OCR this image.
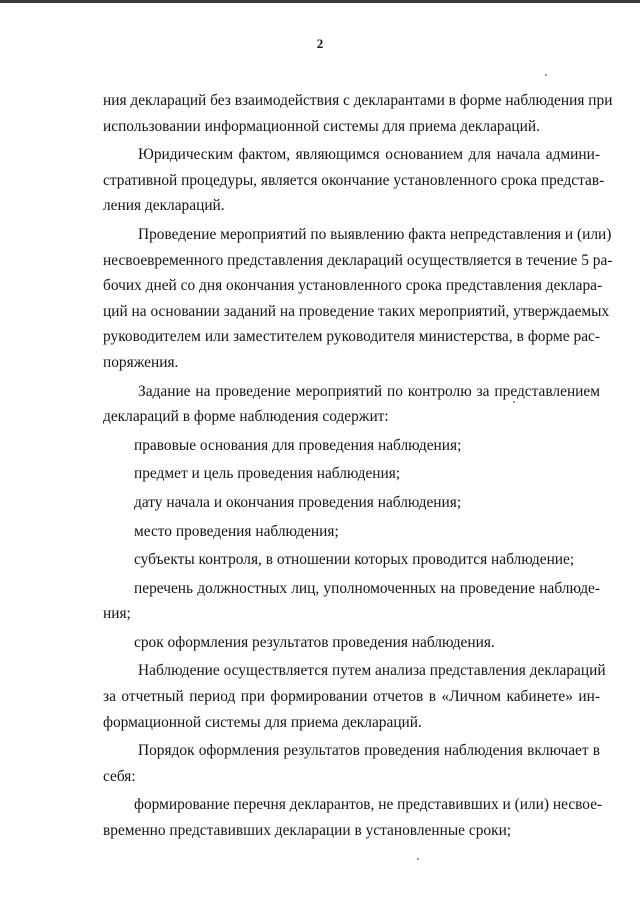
2
ния деклараций без взаимодействия с декларантами в форме наблюдения при
использовании информационной системы для приема деклараций.
Юридическим фактом, являющимся основанием для начала админи-
стративной процедуры, является окончание установленного срока представ-
ления деклараций.
Проведение мероприятий по выявлению факта непредставления и (или)
несвоевременного представления деклараций осуществляется в течение 5 ра-
бочих дней со дня окончания установленного срока представления деклара-
ций на основании заданий на проведение таких мероприятий, утверждаемых
руководителем или заместителем руководителя министерства, в форме рас-
поряжения.
Задание на проведение мероприятий по контролю за представлением
деклараций в форме наблюдения содержит:
правовые основания для проведения наблюдения;
предмет и цель проведения наблюдения;
дату начала и окончания проведения наблюдения;
место проведения наблюдения;
субъекты контроля, в отношении которых проводится наблюдение;
перечень должностных лиц, уполномоченных на проведение наблюде-
ния;
срок оформления результатов проведения наблюдения.
Наблюдение осуществляется путем анализа представления деклараций
за отчетный период при формировании отчетов в «Личном кабинете» ин-
формационной системы для приема деклараций.
Порядок оформления результатов проведения наблюдения включает в
себя:
формирование перечня декларантов, не представивших и (или) несвое-
временно представивших декларации в установленные сроки;
